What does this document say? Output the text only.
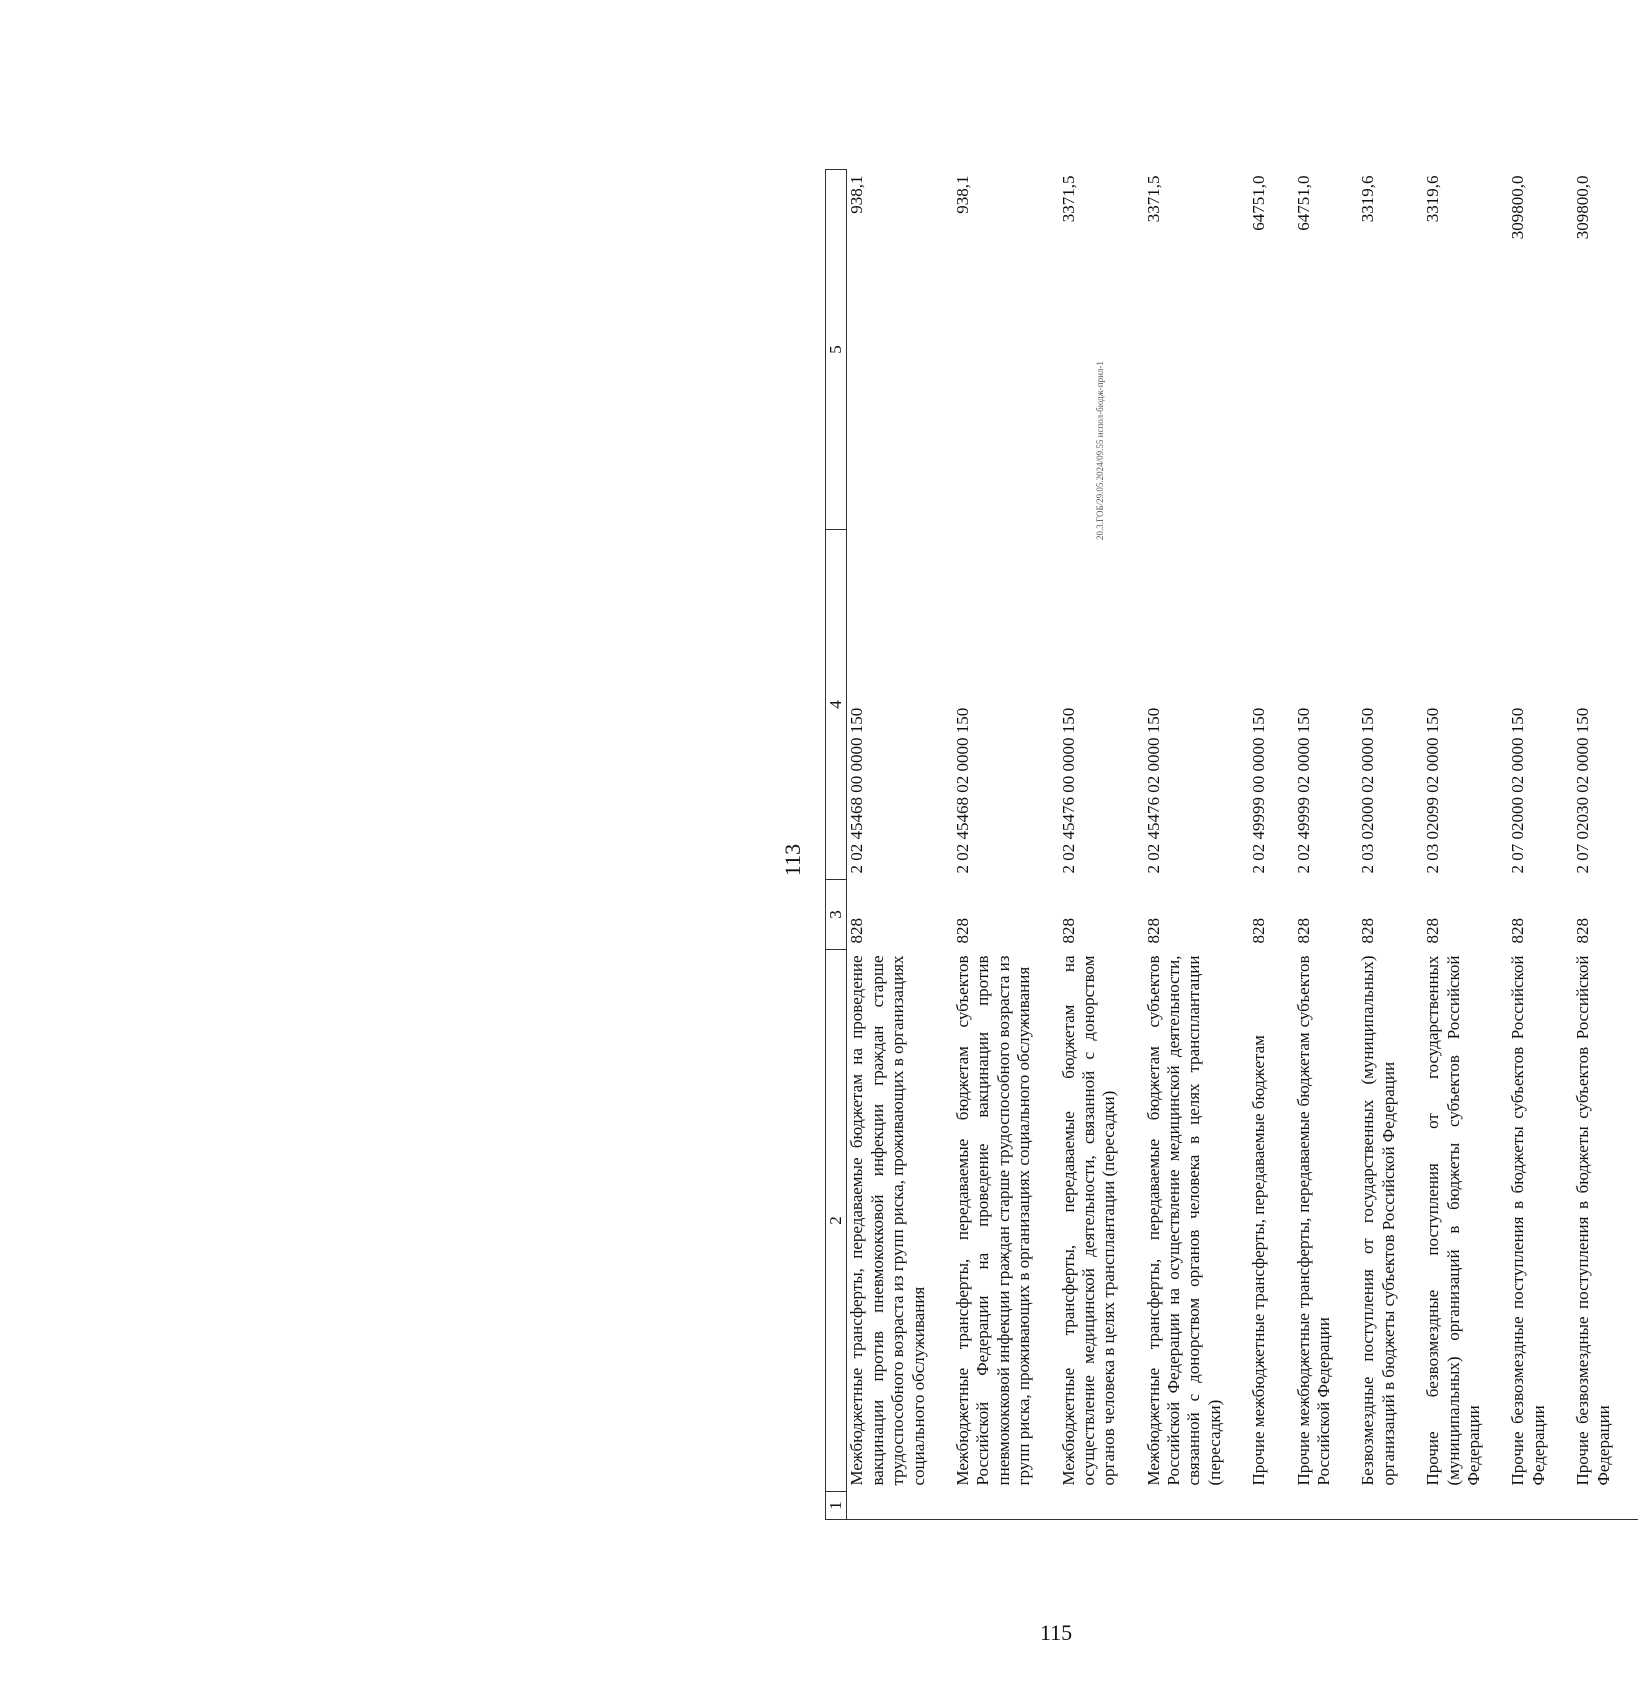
113
1	2	3	4	5
	Межбюджетные трансферты, передаваемые бюджетам на проведение вакцинации против пневмококковой инфекции граждан старше трудоспособного возраста из групп риска, проживающих в организациях социального обслуживания	828	2 02 45468 00 0000 150	938,1
	Межбюджетные трансферты, передаваемые бюджетам субъектов Российской Федерации на проведение вакцинации против пневмококковой инфекции граждан старше трудоспособного возраста из групп риска, проживающих в организациях социального обслуживания	828	2 02 45468 02 0000 150	938,1
	Межбюджетные трансферты, передаваемые бюджетам на осуществление медицинской деятельности, связанной с донорством органов человека в целях трансплантации (пересадки)	828	2 02 45476 00 0000 150	3371,5
	Межбюджетные трансферты, передаваемые бюджетам субъектов Российской Федерации на осуществление медицинской деятельности, связанной с донорством органов человека в целях трансплантации (пересадки)	828	2 02 45476 02 0000 150	3371,5
	Прочие межбюджетные трансферты, передаваемые бюджетам	828	2 02 49999 00 0000 150	64751,0
	Прочие межбюджетные трансферты, передаваемые бюджетам субъектов Российской Федерации	828	2 02 49999 02 0000 150	64751,0
	Безвозмездные поступления от государственных (муниципальных) организаций в бюджеты субъектов Российской Федерации	828	2 03 02000 02 0000 150	3319,6
	Прочие безвозмездные поступления от государственных (муниципальных) организаций в бюджеты субъектов Российской Федерации	828	2 03 02099 02 0000 150	3319,6
	Прочие безвозмездные поступления в бюджеты субъектов Российской Федерации	828	2 07 02000 02 0000 150	309800,0
	Прочие безвозмездные поступления в бюджеты субъектов Российской Федерации	828	2 07 02030 02 0000 150	309800,0
20.3.ГОБ/29.05.2024/09.55 испол-бюдж-прил-1
115
